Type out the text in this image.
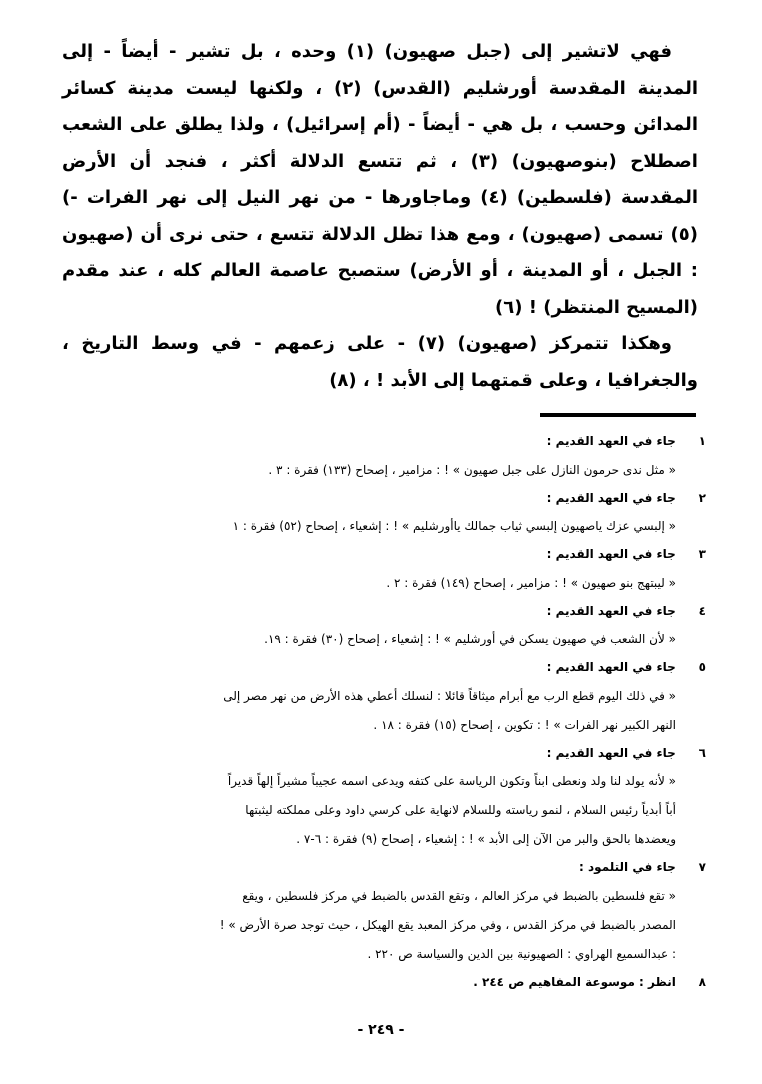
فهي لاتشير إلى (جبل صهيون) (١) وحده ، بل تشير - أيضاً - إلى المدينة المقدسة أورشليم (القدس) (٢) ، ولكنها ليست مدينة كسائر المدائن وحسب ، بل هي - أيضاً - (أم إسرائيل) ، ولذا يطلق على الشعب اصطلاح (بنوصهيون) (٣) ، ثم تتسع الدلالة أكثر ، فنجد أن الأرض المقدسة (فلسطين) (٤) وماجاورها - من نهر النيل إلى نهر الفرات -) (٥) تسمى (صهيون) ، ومع هذا تظل الدلالة تتسع ، حتى نرى أن (صهيون : الجبل ، أو المدينة ، أو الأرض) ستصبح عاصمة العالم كله ، عند مقدم (المسيح المنتظر) ! (٦)

وهكذا تتمركز (صهيون) (٧) - على زعمهم - في وسط التاريخ ، والجغرافيا ، وعلى قمتهما إلى الأبد ! ، (٨)

١ جاء في العهد القديم :
« مثل ندى حرمون النازل على جبل صهيون » ! : مزامير ، إصحاح (١٣٣) فقرة : ٣ .
٢ جاء في العهد القديم :
« إلبسي عزك ياصهيون إلبسي ثياب جمالك ياأورشليم » ! : إشعياء ، إصحاح (٥٢) فقرة : ١
٣ جاء في العهد القديم :
« ليبتهج بنو صهيون » ! : مزامير ، إصحاح (١٤٩) فقرة : ٢ .
٤ جاء في العهد القديم :
« لأن الشعب في صهيون يسكن في أورشليم » ! : إشعياء ، إصحاح (٣٠) فقرة : ١٩.
٥ جاء في العهد القديم :
« في ذلك اليوم قطع الرب مع أبرام ميثاقاً قائلا : لنسلك أعطي هذه الأرض من نهر مصر إلى
النهر الكبير نهر الفرات » ! : تكوين ، إصحاح (١٥) فقرة : ١٨ .
٦ جاء في العهد القديم :
« لأنه يولد لنا ولد ونعطى ابناً وتكون الرياسة على كتفه ويدعى اسمه عجيباً مشيراً إلهاً قديراً
أباً أبدياً رئيس السلام ، لنمو رياسته وللسلام لانهاية على كرسي داود وعلى مملكته ليثبتها
ويعضدها بالحق والبر من الآن إلى الأبد » ! : إشعياء ، إصحاح (٩) فقرة : ٦-٧ .
٧ جاء في التلمود :
« تقع فلسطين بالضبط في مركز العالم ، وتقع القدس بالضبط في مركز فلسطين ، ويقع
المصدر بالضبط في مركز القدس ، وفي مركز المعبد يقع الهيكل ، حيث توجد صرة الأرض » !
: عبدالسميع الهراوي : الصهيونية بين الدين والسياسة ص ٢٢٠ .
٨ انظر : موسوعة المفاهيم ص ٢٤٤ .
- ٢٤٩ -
